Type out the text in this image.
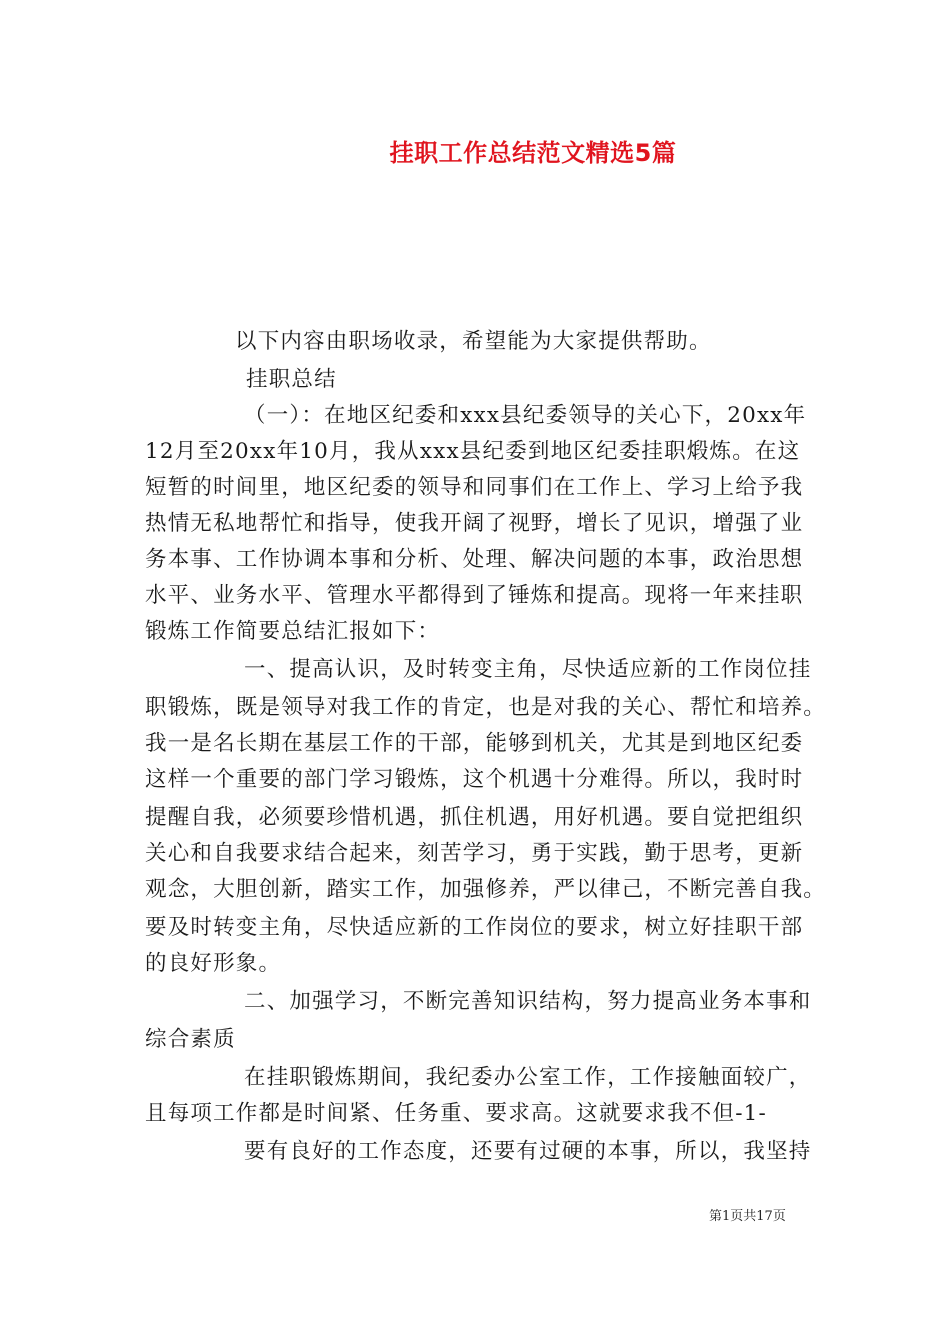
挂职工作总结范文精选5篇
以下内容由职场收录，希望能为大家提供帮助。
挂职总结
（一）：在地区纪委和xxx县纪委领导的关心下，20xx年
12月至20xx年10月，我从xxx县纪委到地区纪委挂职煅炼。在这
短暂的时间里，地区纪委的领导和同事们在工作上、学习上给予我
热情无私地帮忙和指导，使我开阔了视野，增长了见识，增强了业
务本事、工作协调本事和分析、处理、解决问题的本事，政治思想
水平、业务水平、管理水平都得到了锤炼和提高。现将一年来挂职
锻炼工作简要总结汇报如下：
一、提高认识，及时转变主角，尽快适应新的工作岗位挂
职锻炼，既是领导对我工作的肯定，也是对我的关心、帮忙和培养。
我一是名长期在基层工作的干部，能够到机关，尤其是到地区纪委
这样一个重要的部门学习锻炼，这个机遇十分难得。所以，我时时
提醒自我，必须要珍惜机遇，抓住机遇，用好机遇。要自觉把组织
关心和自我要求结合起来，刻苦学习，勇于实践，勤于思考，更新
观念，大胆创新，踏实工作，加强修养，严以律己，不断完善自我。
要及时转变主角，尽快适应新的工作岗位的要求，树立好挂职干部
的良好形象。
二、加强学习，不断完善知识结构，努力提高业务本事和
综合素质
在挂职锻炼期间，我纪委办公室工作，工作接触面较广，
且每项工作都是时间紧、任务重、要求高。这就要求我不但-1-
要有良好的工作态度，还要有过硬的本事，所以，我坚持
第1页共17页
